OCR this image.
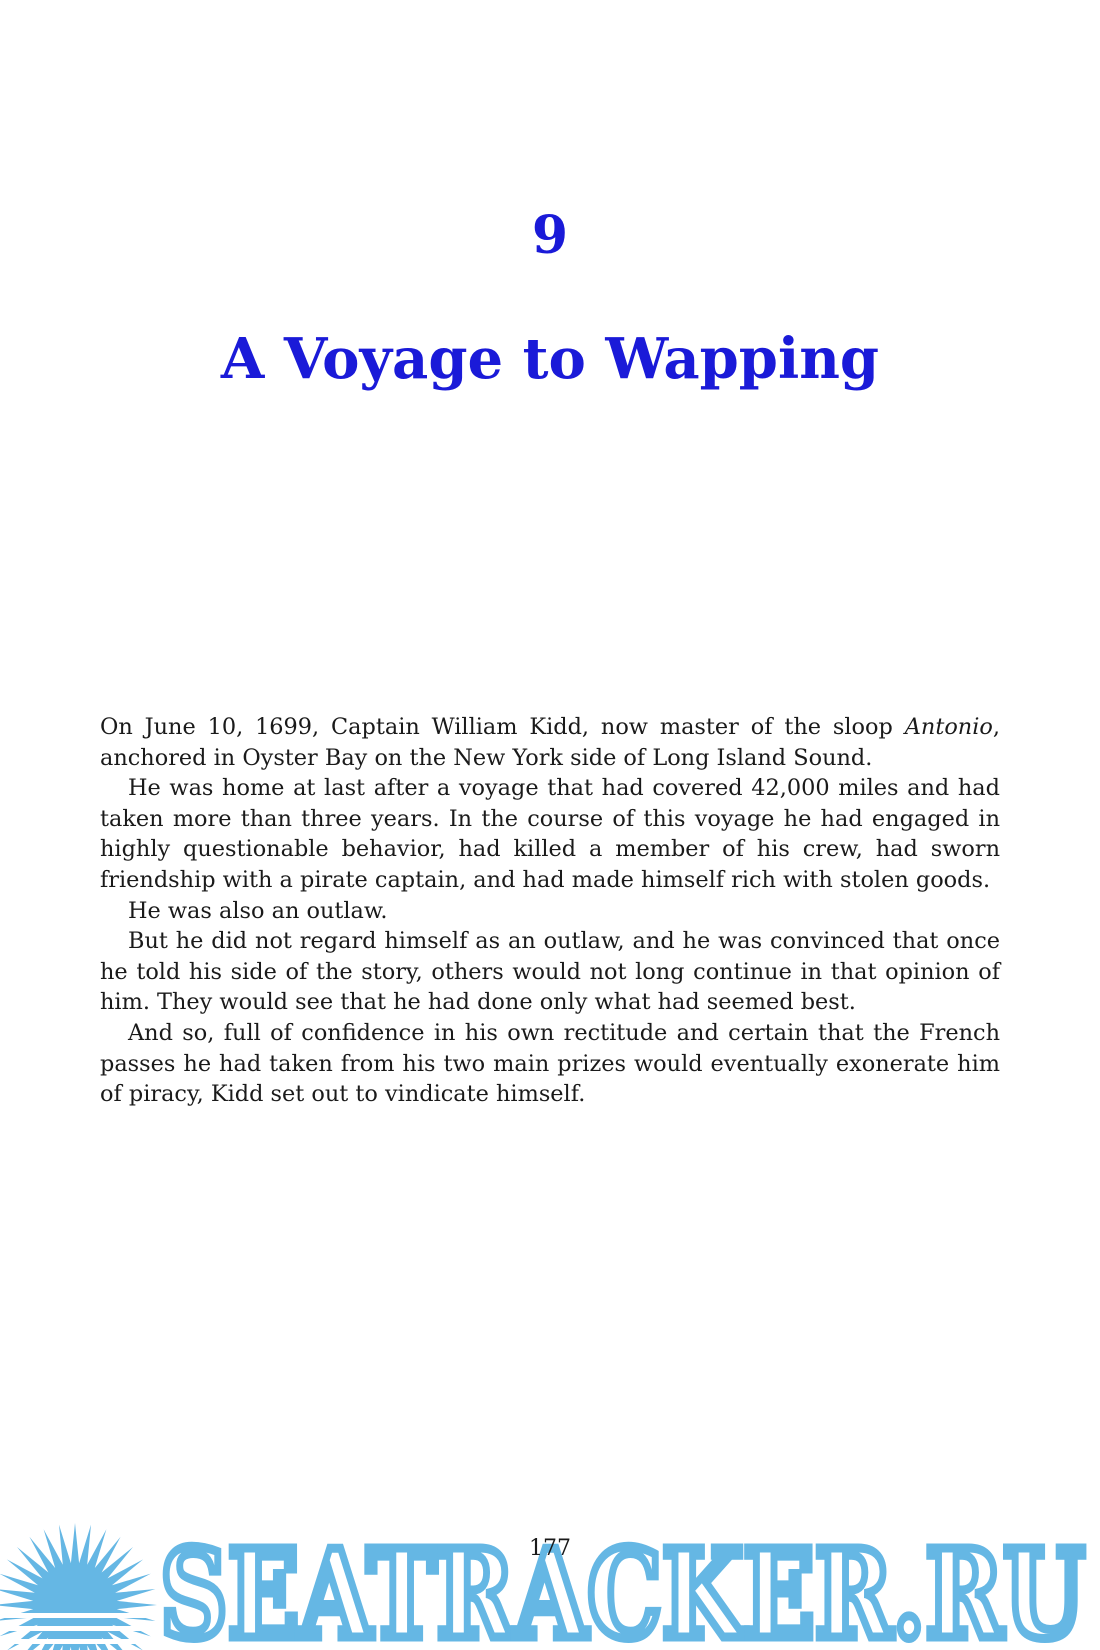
9
A Voyage to Wapping

On June 10, 1699, Captain William Kidd, now master of the sloop Antonio, anchored in Oyster Bay on the New York side of Long Island Sound.

He was home at last after a voyage that had covered 42,000 miles and had taken more than three years. In the course of this voyage he had engaged in highly questionable behavior, had killed a member of his crew, had sworn friendship with a pirate captain, and had made himself rich with stolen goods.

He was also an outlaw.

But he did not regard himself as an outlaw, and he was convinced that once he told his side of the story, others would not long continue in that opinion of him. They would see that he had done only what had seemed best.

And so, full of confidence in his own rectitude and certain that the French passes he had taken from his two main prizes would eventually exonerate him of piracy, Kidd set out to vindicate himself.

SEATRACKER.RU
177
